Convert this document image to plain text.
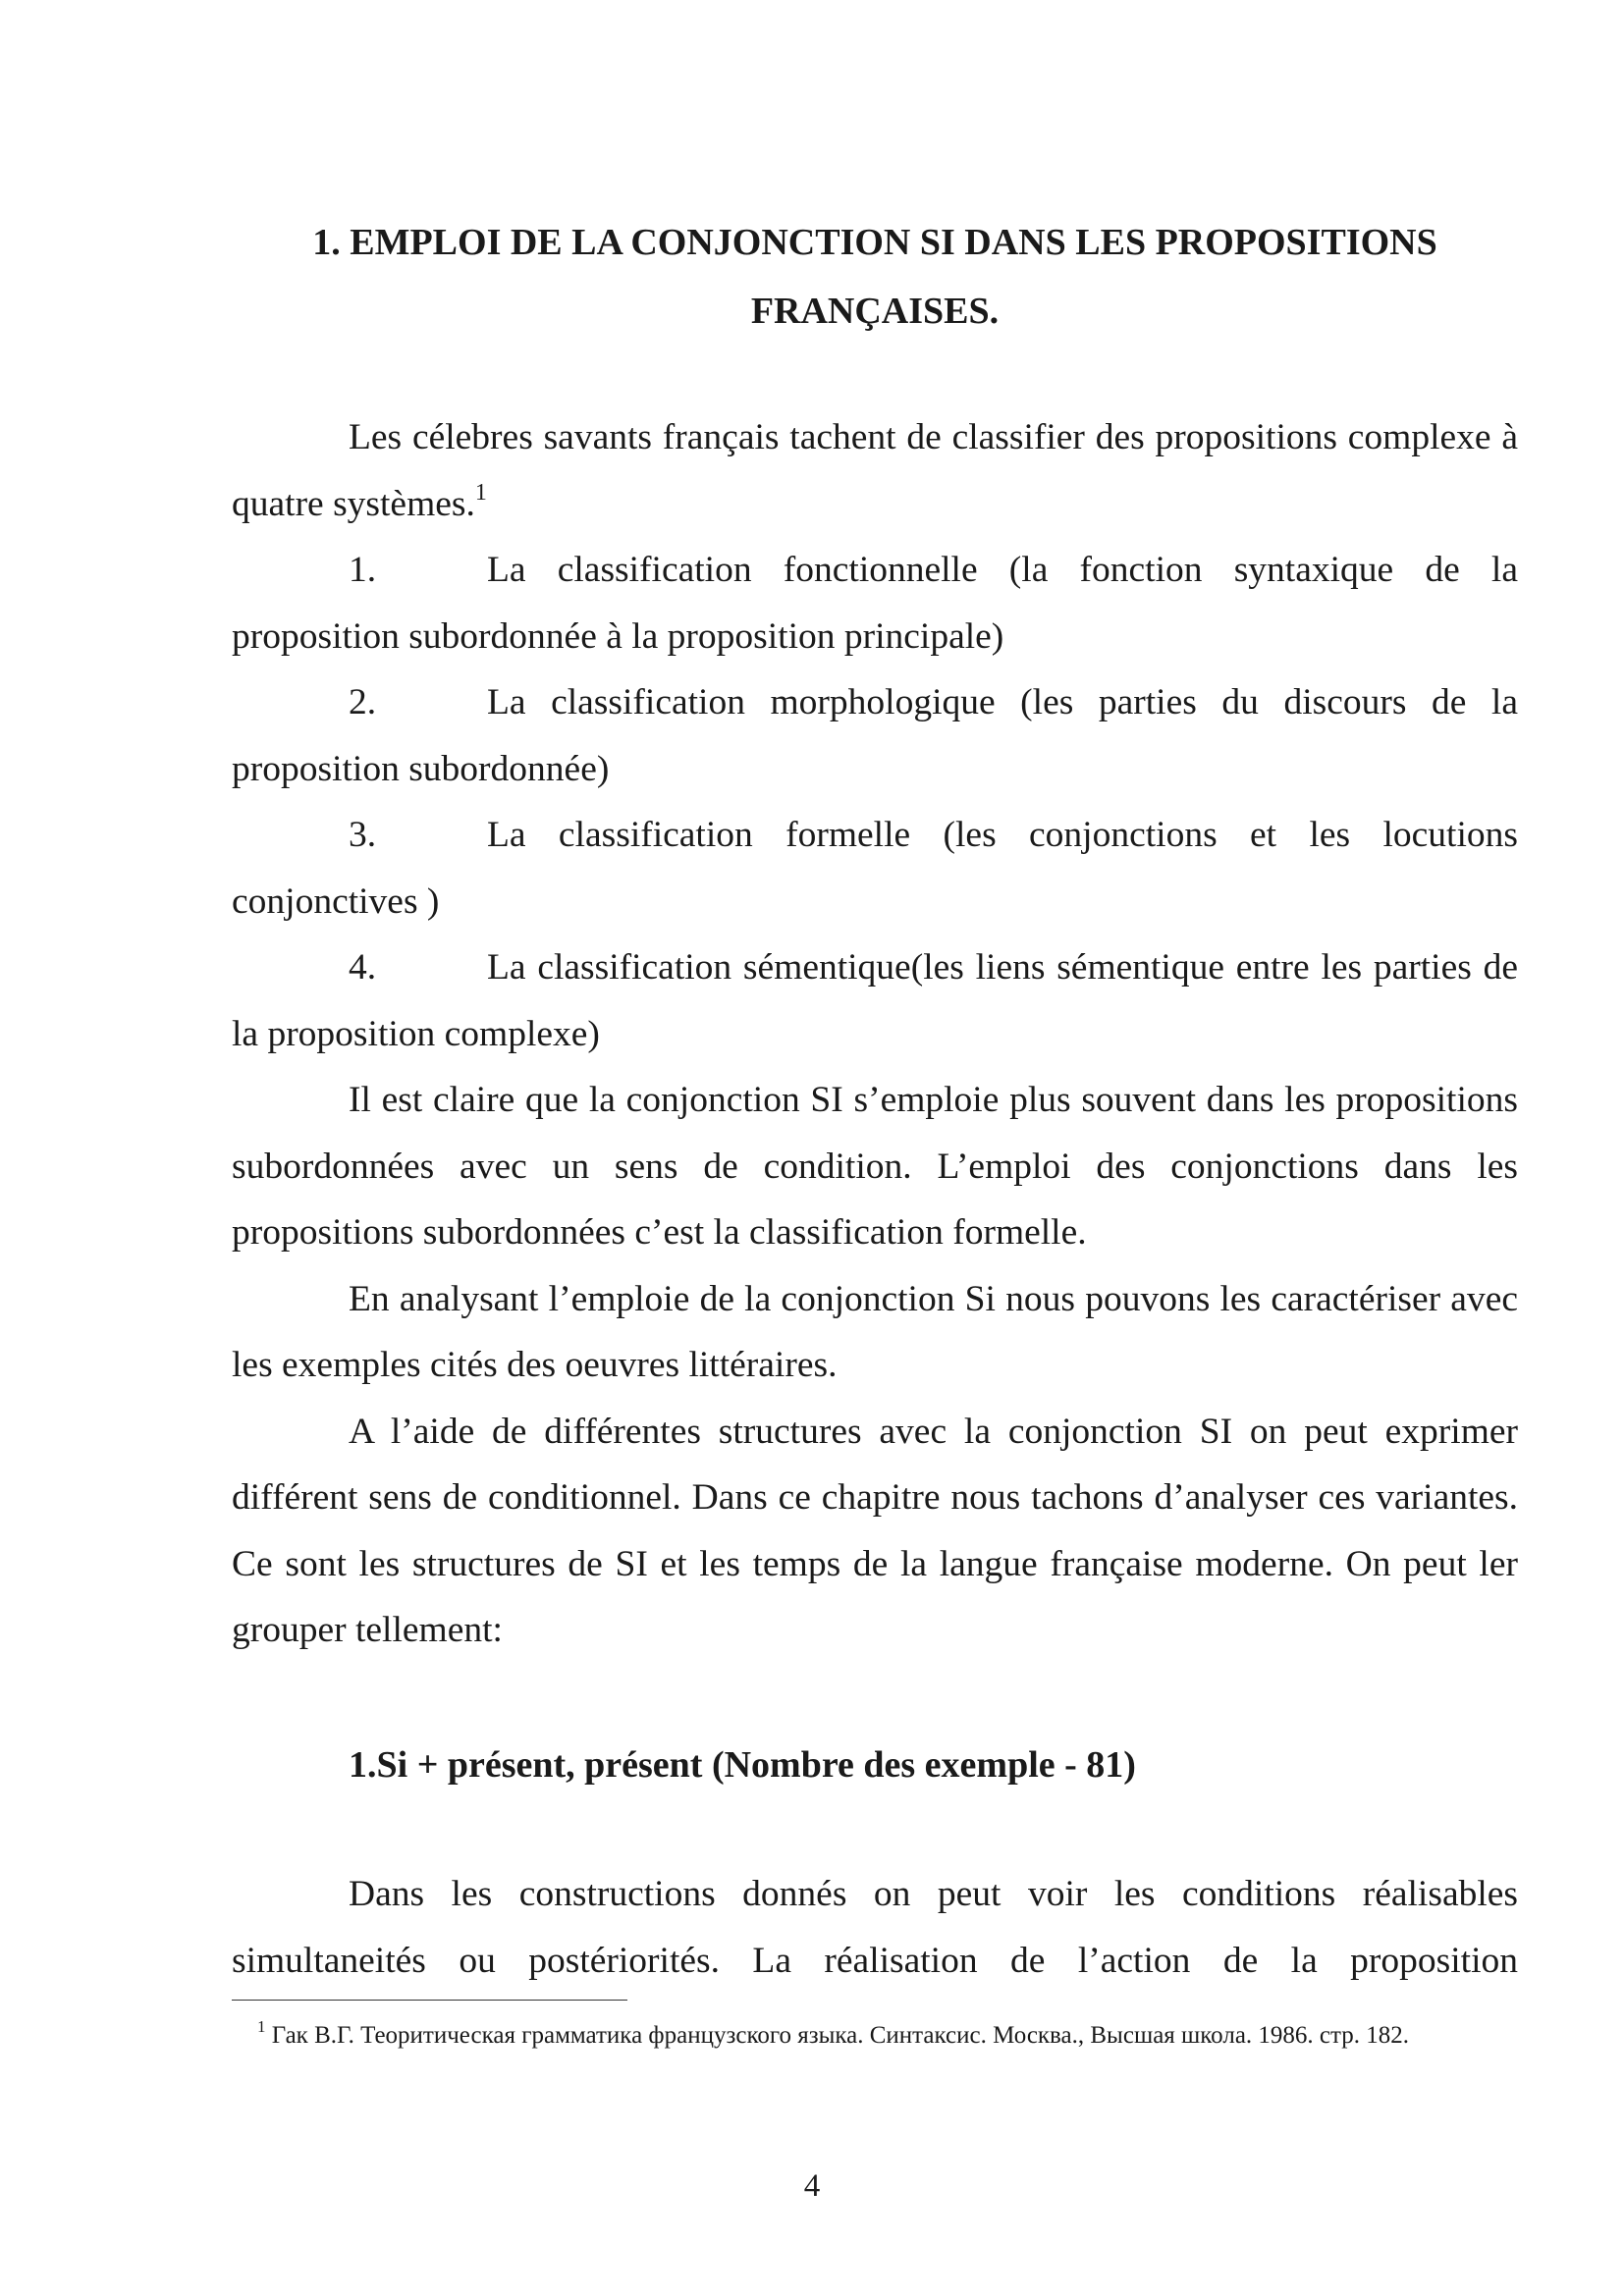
1. EMPLOI DE LA CONJONCTION SI DANS LES PROPOSITIONS
FRANÇAISES.

Les célebres savants français tachent de classifier des propositions complexe à quatre systèmes.$^1$

1.	La classification fonctionnelle (la fonction syntaxique de la proposition subordonnée à la proposition principale)

2.	La classification morphologique (les parties du discours de la proposition subordonnée)

3.	La classification formelle (les conjonctions et les locutions conjonctives )

4.	La classification sémentique(les liens sémentique entre les parties de la proposition complexe)

Il est claire que la conjonction SI s’emploie plus souvent dans les propositions subordonnées avec un sens de condition. L’emploi des conjonctions dans les propositions subordonnées c’est la classification formelle.

En analysant l’emploie de la conjonction Si nous pouvons les caractériser avec les exemples cités des oeuvres littéraires.

A l’aide de différentes structures avec la conjonction SI on peut exprimer différent sens de conditionnel. Dans ce chapitre nous tachons d’analyser ces variantes. Ce sont les structures de SI et les temps de la langue française moderne. On peut ler grouper tellement:

1.Si + présent, présent (Nombre des exemple - 81)

Dans les constructions donnés on peut voir les conditions réalisables simultaneités ou postériorités. La réalisation de l’action de la proposition

$^1$ Гак В.Г. Теоритическая грамматика французского языка. Синтаксис. Москва., Высшая школа. 1986. стр. 182.

4
